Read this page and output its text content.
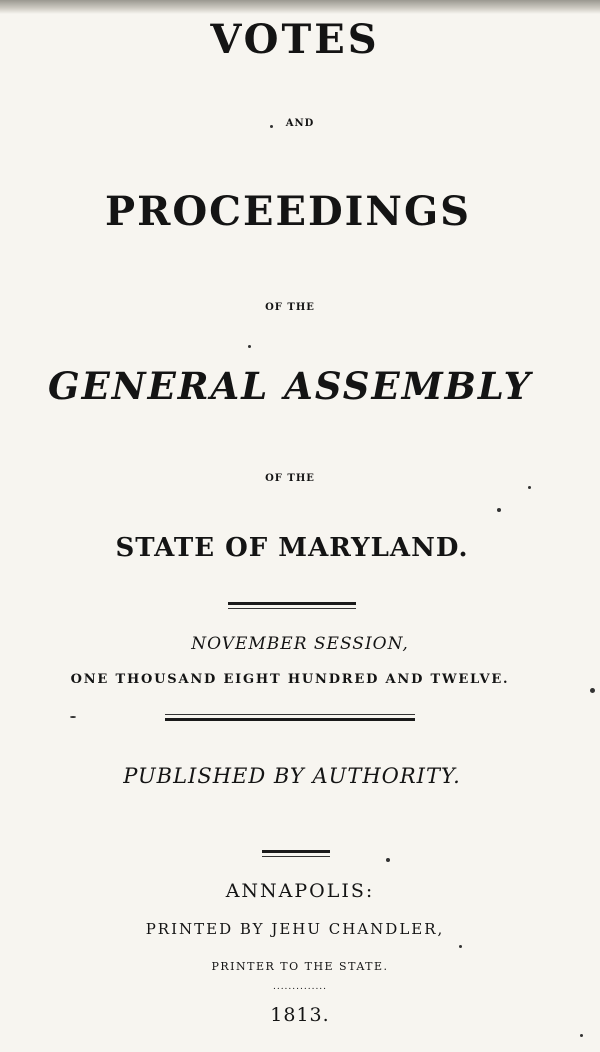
VOTES
AND
PROCEEDINGS
OF THE
GENERAL ASSEMBLY
OF THE
STATE OF MARYLAND.
NOVEMBER SESSION,
ONE THOUSAND EIGHT HUNDRED AND TWELVE.
PUBLISHED BY AUTHORITY.
ANNAPOLIS:
PRINTED BY JEHU CHANDLER,
PRINTER TO THE STATE.
..............
1813.
